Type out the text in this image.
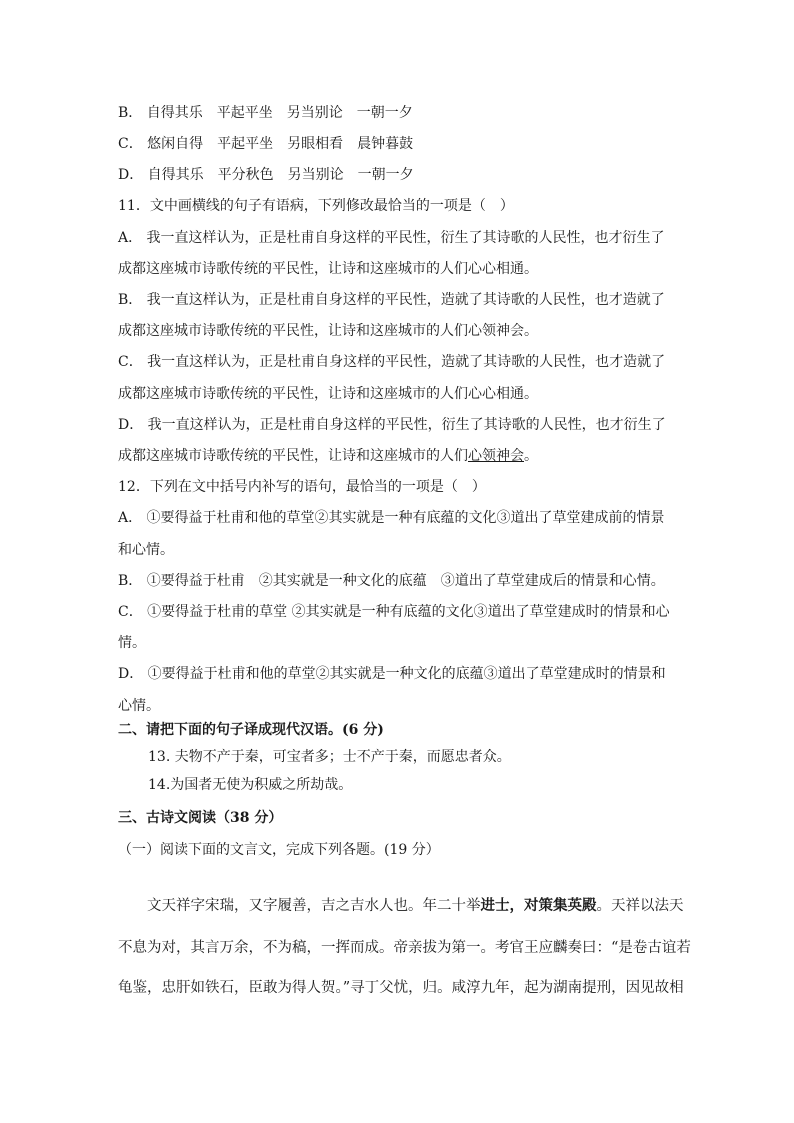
B． 自得其乐　平起平坐　另当别论　一朝一夕
C． 悠闲自得　平起平坐　另眼相看　晨钟暮鼓
D． 自得其乐　平分秋色　另当别论　一朝一夕
11．文中画横线的句子有语病，下列修改最恰当的一项是（　）
A． 我一直这样认为，正是杜甫自身这样的平民性，衍生了其诗歌的人民性，也才衍生了
成都这座城市诗歌传统的平民性，让诗和这座城市的人们心心相通。
B． 我一直这样认为，正是杜甫自身这样的平民性，造就了其诗歌的人民性，也才造就了
成都这座城市诗歌传统的平民性，让诗和这座城市的人们心领神会。
C． 我一直这样认为，正是杜甫自身这样的平民性，造就了其诗歌的人民性，也才造就了
成都这座城市诗歌传统的平民性，让诗和这座城市的人们心心相通。
D． 我一直这样认为，正是杜甫自身这样的平民性，衍生了其诗歌的人民性，也才衍生了
成都这座城市诗歌传统的平民性，让诗和这座城市的人们心领神会。
12．下列在文中括号内补写的语句，最恰当的一项是（　）
A． ①要得益于杜甫和他的草堂②其实就是一种有底蕴的文化③道出了草堂建成前的情景
和心情。
B． ①要得益于杜甫　②其实就是一种文化的底蕴　③道出了草堂建成后的情景和心情。
C． ①要得益于杜甫的草堂 ②其实就是一种有底蕴的文化③道出了草堂建成时的情景和心
情。
D． ①要得益于杜甫和他的草堂②其实就是一种文化的底蕴③道出了草堂建成时的情景和
心情。
二、请把下面的句子译成现代汉语。(6 分)
13. 夫物不产于秦，可宝者多；士不产于秦，而愿忠者众。
14.为国者无使为积威之所劫哉。
三、古诗文阅读（38 分）
（一）阅读下面的文言文，完成下列各题。(19 分）
　　文天祥字宋瑞，又字履善，吉之吉水人也。年二十举进士，对策集英殿。天祥以法天
不息为对，其言万余，不为稿，一挥而成。帝亲拔为第一。考官王应麟奏曰：“是卷古谊若
龟鉴，忠肝如铁石，臣敢为得人贺。”寻丁父忧，归。咸淳九年，起为湖南提刑，因见故相
